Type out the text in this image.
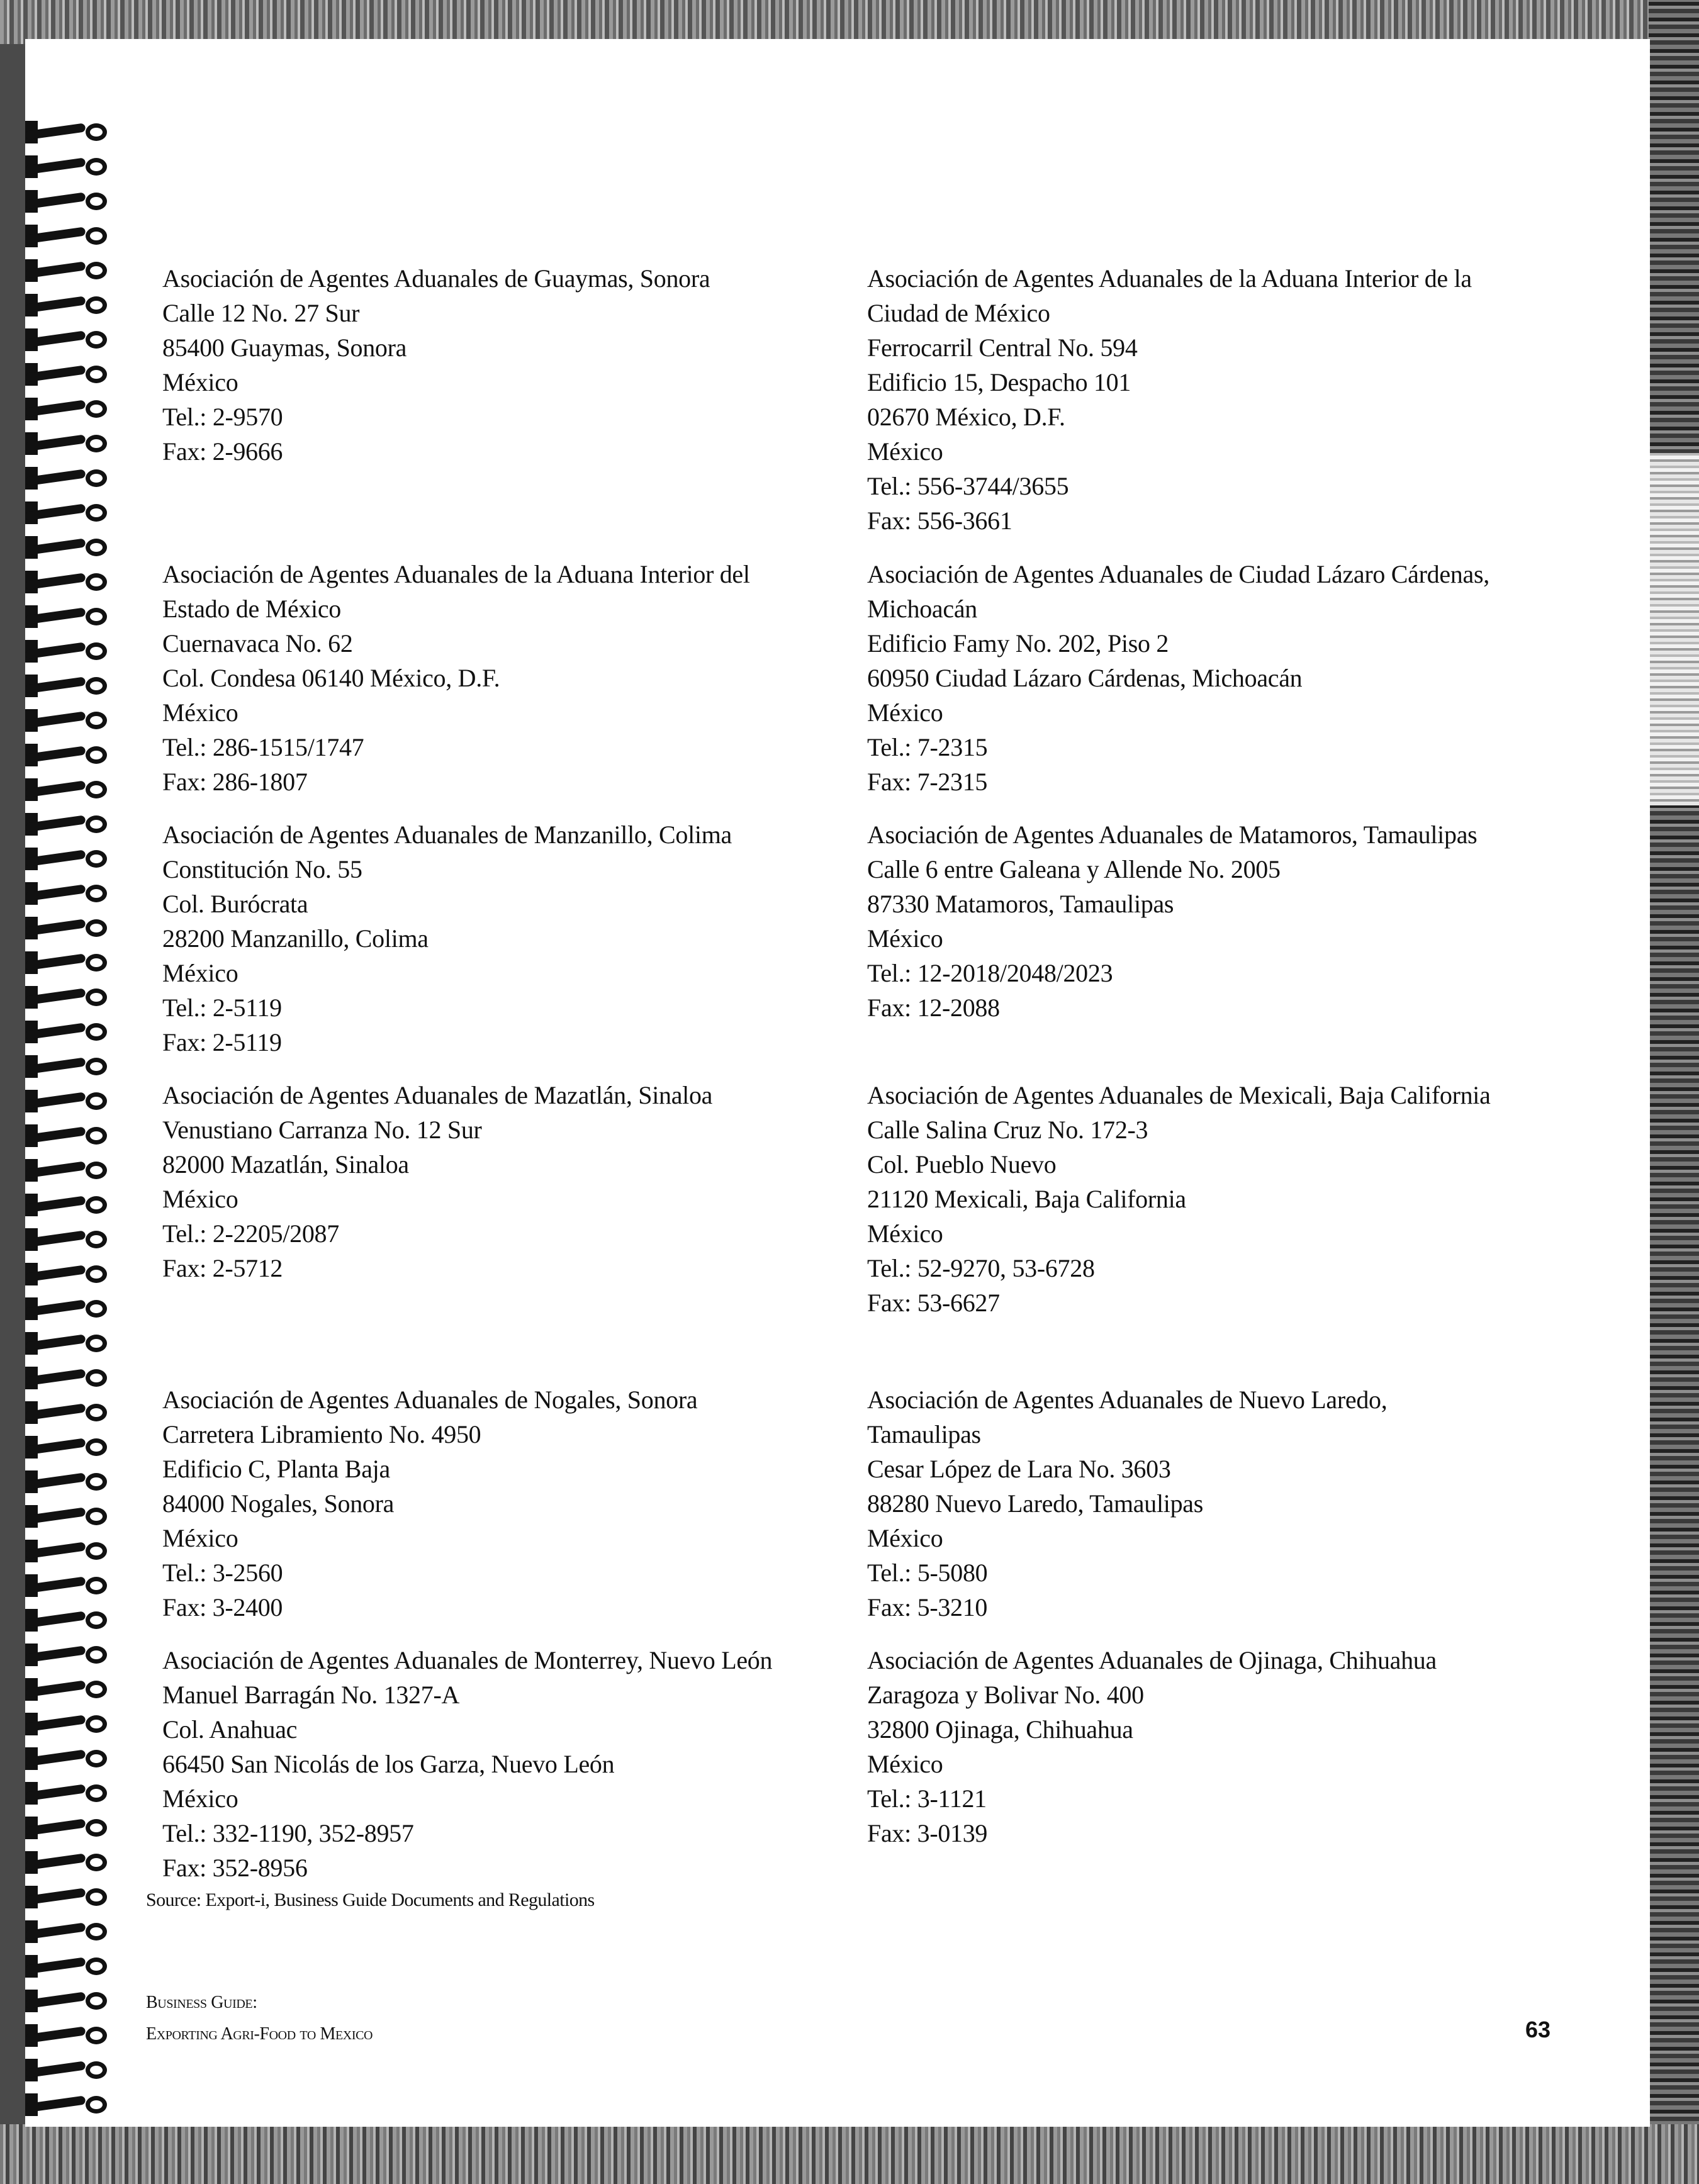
Asociación de Agentes Aduanales de Guaymas, Sonora
Calle 12 No. 27 Sur
85400 Guaymas, Sonora
México
Tel.: 2-9570
Fax: 2-9666
Asociación de Agentes Aduanales de la Aduana Interior del
Estado de México
Cuernavaca No. 62
Col. Condesa 06140 México, D.F.
México
Tel.: 286-1515/1747
Fax: 286-1807
Asociación de Agentes Aduanales de Manzanillo, Colima
Constitución No. 55
Col. Burócrata
28200 Manzanillo, Colima
México
Tel.: 2-5119
Fax: 2-5119
Asociación de Agentes Aduanales de Mazatlán, Sinaloa
Venustiano Carranza No. 12 Sur
82000 Mazatlán, Sinaloa
México
Tel.: 2-2205/2087
Fax: 2-5712
Asociación de Agentes Aduanales de Nogales, Sonora
Carretera Libramiento No. 4950
Edificio C, Planta Baja
84000 Nogales, Sonora
México
Tel.: 3-2560
Fax: 3-2400
Asociación de Agentes Aduanales de Monterrey, Nuevo León
Manuel Barragán No. 1327-A
Col. Anahuac
66450 San Nicolás de los Garza, Nuevo León
México
Tel.: 332-1190, 352-8957
Fax: 352-8956
Asociación de Agentes Aduanales de la Aduana Interior de la
Ciudad de México
Ferrocarril Central No. 594
Edificio 15, Despacho 101
02670 México, D.F.
México
Tel.: 556-3744/3655
Fax: 556-3661
Asociación de Agentes Aduanales de Ciudad Lázaro Cárdenas,
Michoacán
Edificio Famy No. 202, Piso 2
60950 Ciudad Lázaro Cárdenas, Michoacán
México
Tel.: 7-2315
Fax: 7-2315
Asociación de Agentes Aduanales de Matamoros, Tamaulipas
Calle 6 entre Galeana y Allende No. 2005
87330 Matamoros, Tamaulipas
México
Tel.: 12-2018/2048/2023
Fax: 12-2088
Asociación de Agentes Aduanales de Mexicali, Baja California
Calle Salina Cruz No. 172-3
Col. Pueblo Nuevo
21120 Mexicali, Baja California
México
Tel.: 52-9270, 53-6728
Fax: 53-6627
Asociación de Agentes Aduanales de Nuevo Laredo,
Tamaulipas
Cesar López de Lara No. 3603
88280 Nuevo Laredo, Tamaulipas
México
Tel.: 5-5080
Fax: 5-3210
Asociación de Agentes Aduanales de Ojinaga, Chihuahua
Zaragoza y Bolivar No. 400
32800 Ojinaga, Chihuahua
México
Tel.: 3-1121
Fax: 3-0139
Source: Export-i, Business Guide Documents and Regulations
Business Guide:
Exporting Agri-Food to Mexico	63
